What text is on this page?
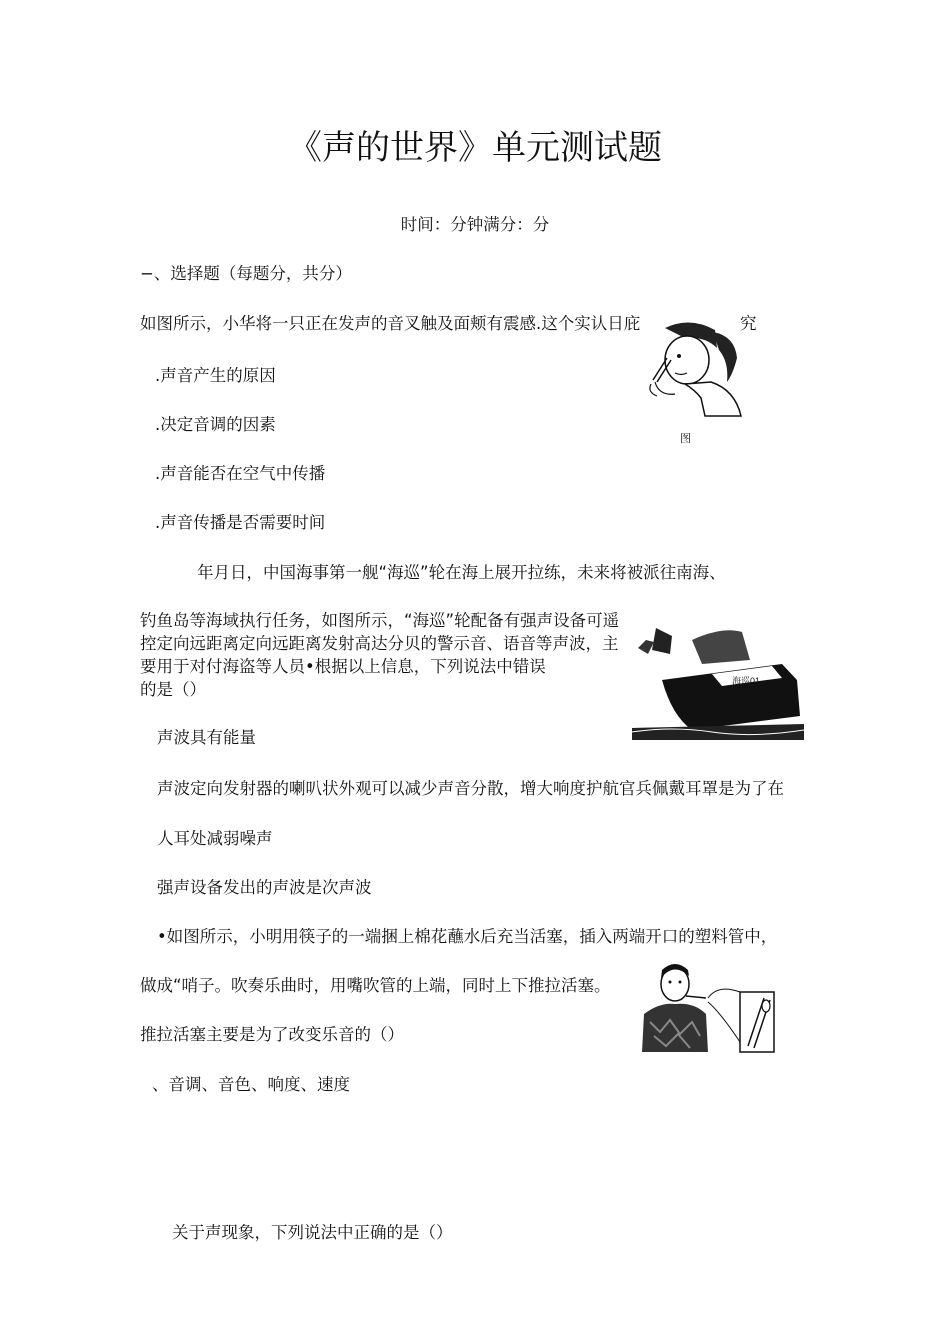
《声的世界》单元测试题
时间：分钟满分：分
−、选择题（每题分，共分）
如图所示，小华将一只正在发声的音叉触及面颊有震感.这个实认日庇	究
.声音产生的原因
.决定音调的因素
.声音能否在空气中传播
.声音传播是否需要时间
图
年月日，中国海事第一舰“海巡”轮在海上展开拉练，未来将被派往南海、
钓鱼岛等海域执行任务，如图所示，“海巡”轮配备有强声设备可遥
控定向远距离定向远距离发射高达分贝的警示音、语音等声波，主
要用于对付海盗等人员•根据以上信息，下列说法中错误
的是（）	海巡01
声波具有能量
声波定向发射器的喇叭状外观可以减少声音分散，增大响度护航官兵佩戴耳罩是为了在
人耳处减弱噪声
强声设备发出的声波是次声波
•如图所示，小明用筷子的一端捆上棉花蘸水后充当活塞，插入两端开口的塑料管中，
做成“哨子。吹奏乐曲时，用嘴吹管的上端，同时上下推拉活塞。
推拉活塞主要是为了改变乐音的（）
、音调、音色、响度、速度
关于声现象，下列说法中正确的是（）
